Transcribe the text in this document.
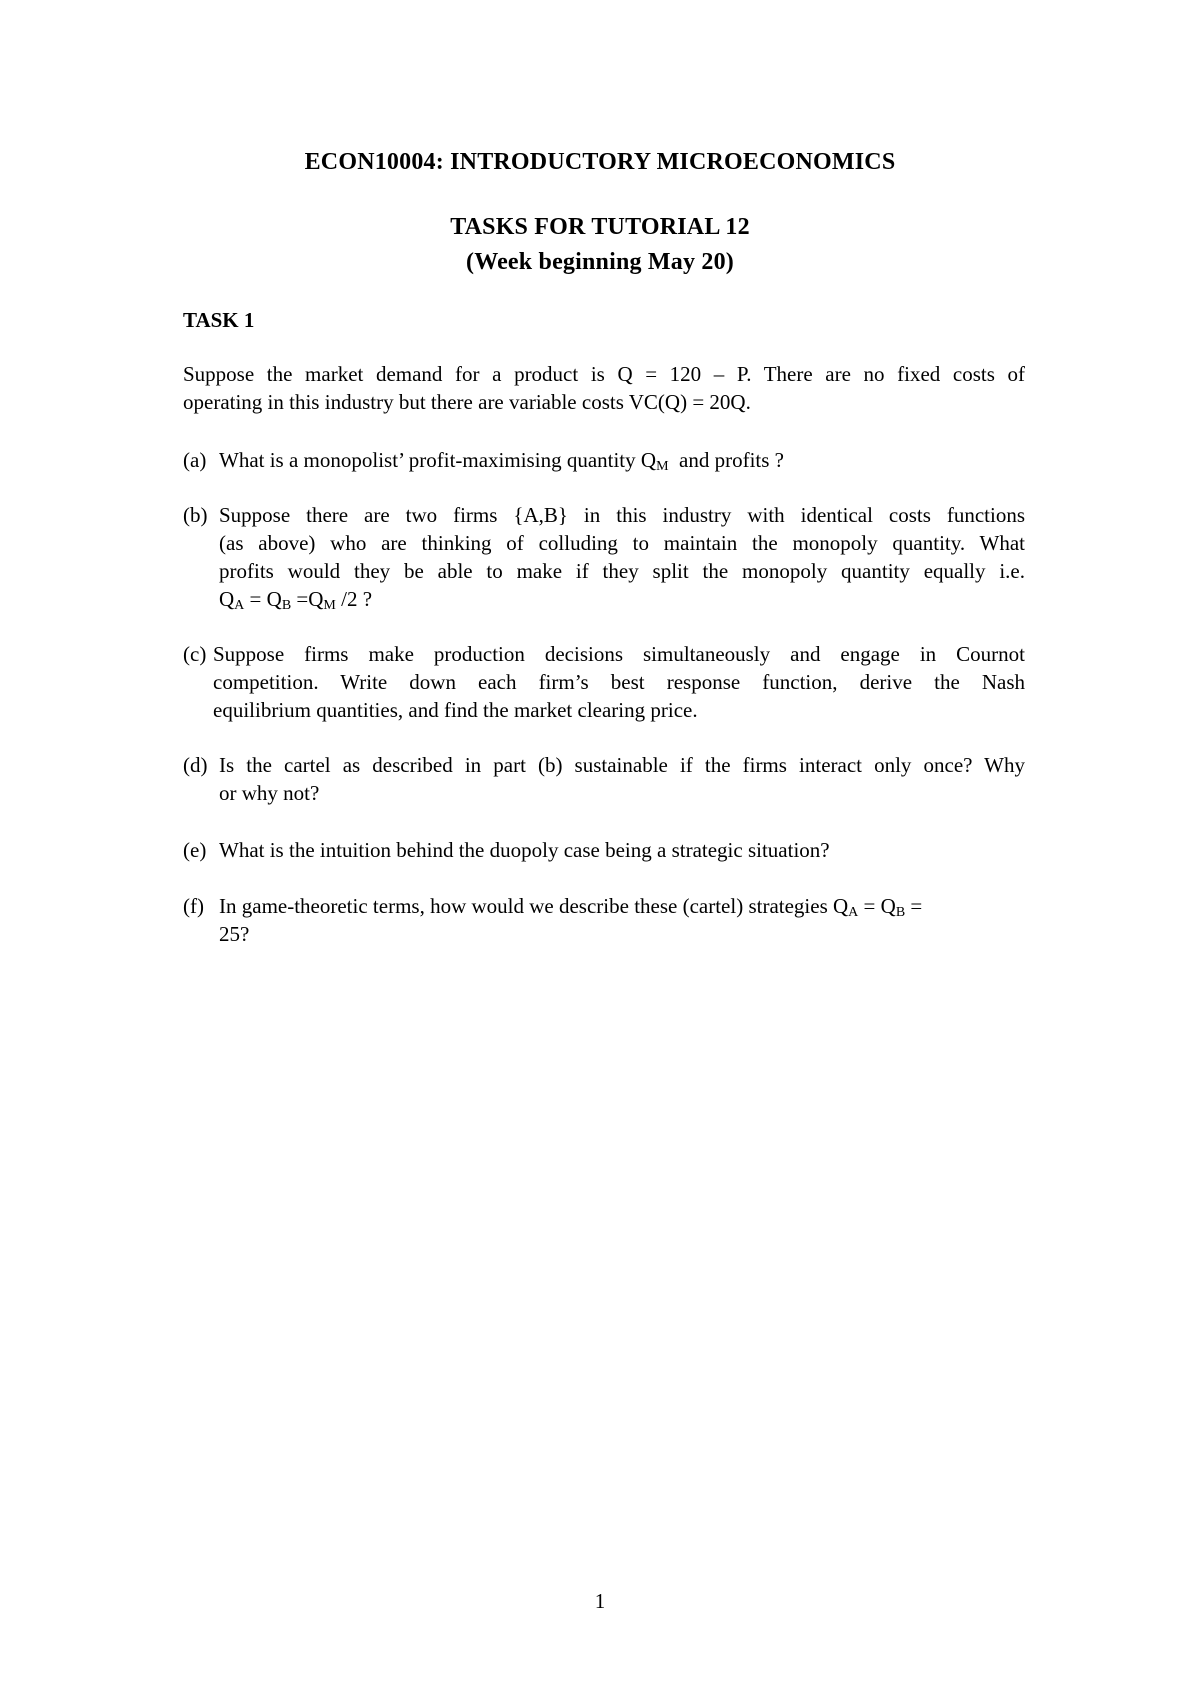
ECON10004: INTRODUCTORY MICROECONOMICS
TASKS FOR TUTORIAL 12
(Week beginning May 20)
TASK 1
Suppose the market demand for a product is Q = 120 – P. There are no fixed costs of
operating in this industry but there are variable costs VC(Q) = 20Q.
(a) What is a monopolist’ profit-maximising quantity $Q_M$  and profits ?
(b) Suppose there are two firms {A,B} in this industry with identical costs functions
(as above) who are thinking of colluding to maintain the monopoly quantity. What
profits would they be able to make if they split the monopoly quantity equally i.e.
$Q_A = Q_B =Q_M$ /2 ?
(c) Suppose firms make production decisions simultaneously and engage in Cournot
competition. Write down each firm’s best response function, derive the Nash
equilibrium quantities, and find the market clearing price.
(d) Is the cartel as described in part (b) sustainable if the firms interact only once? Why
or why not?
(e) What is the intuition behind the duopoly case being a strategic situation?
(f) In game-theoretic terms, how would we describe these (cartel) strategies $Q_A = Q_B$ =
25?
1
